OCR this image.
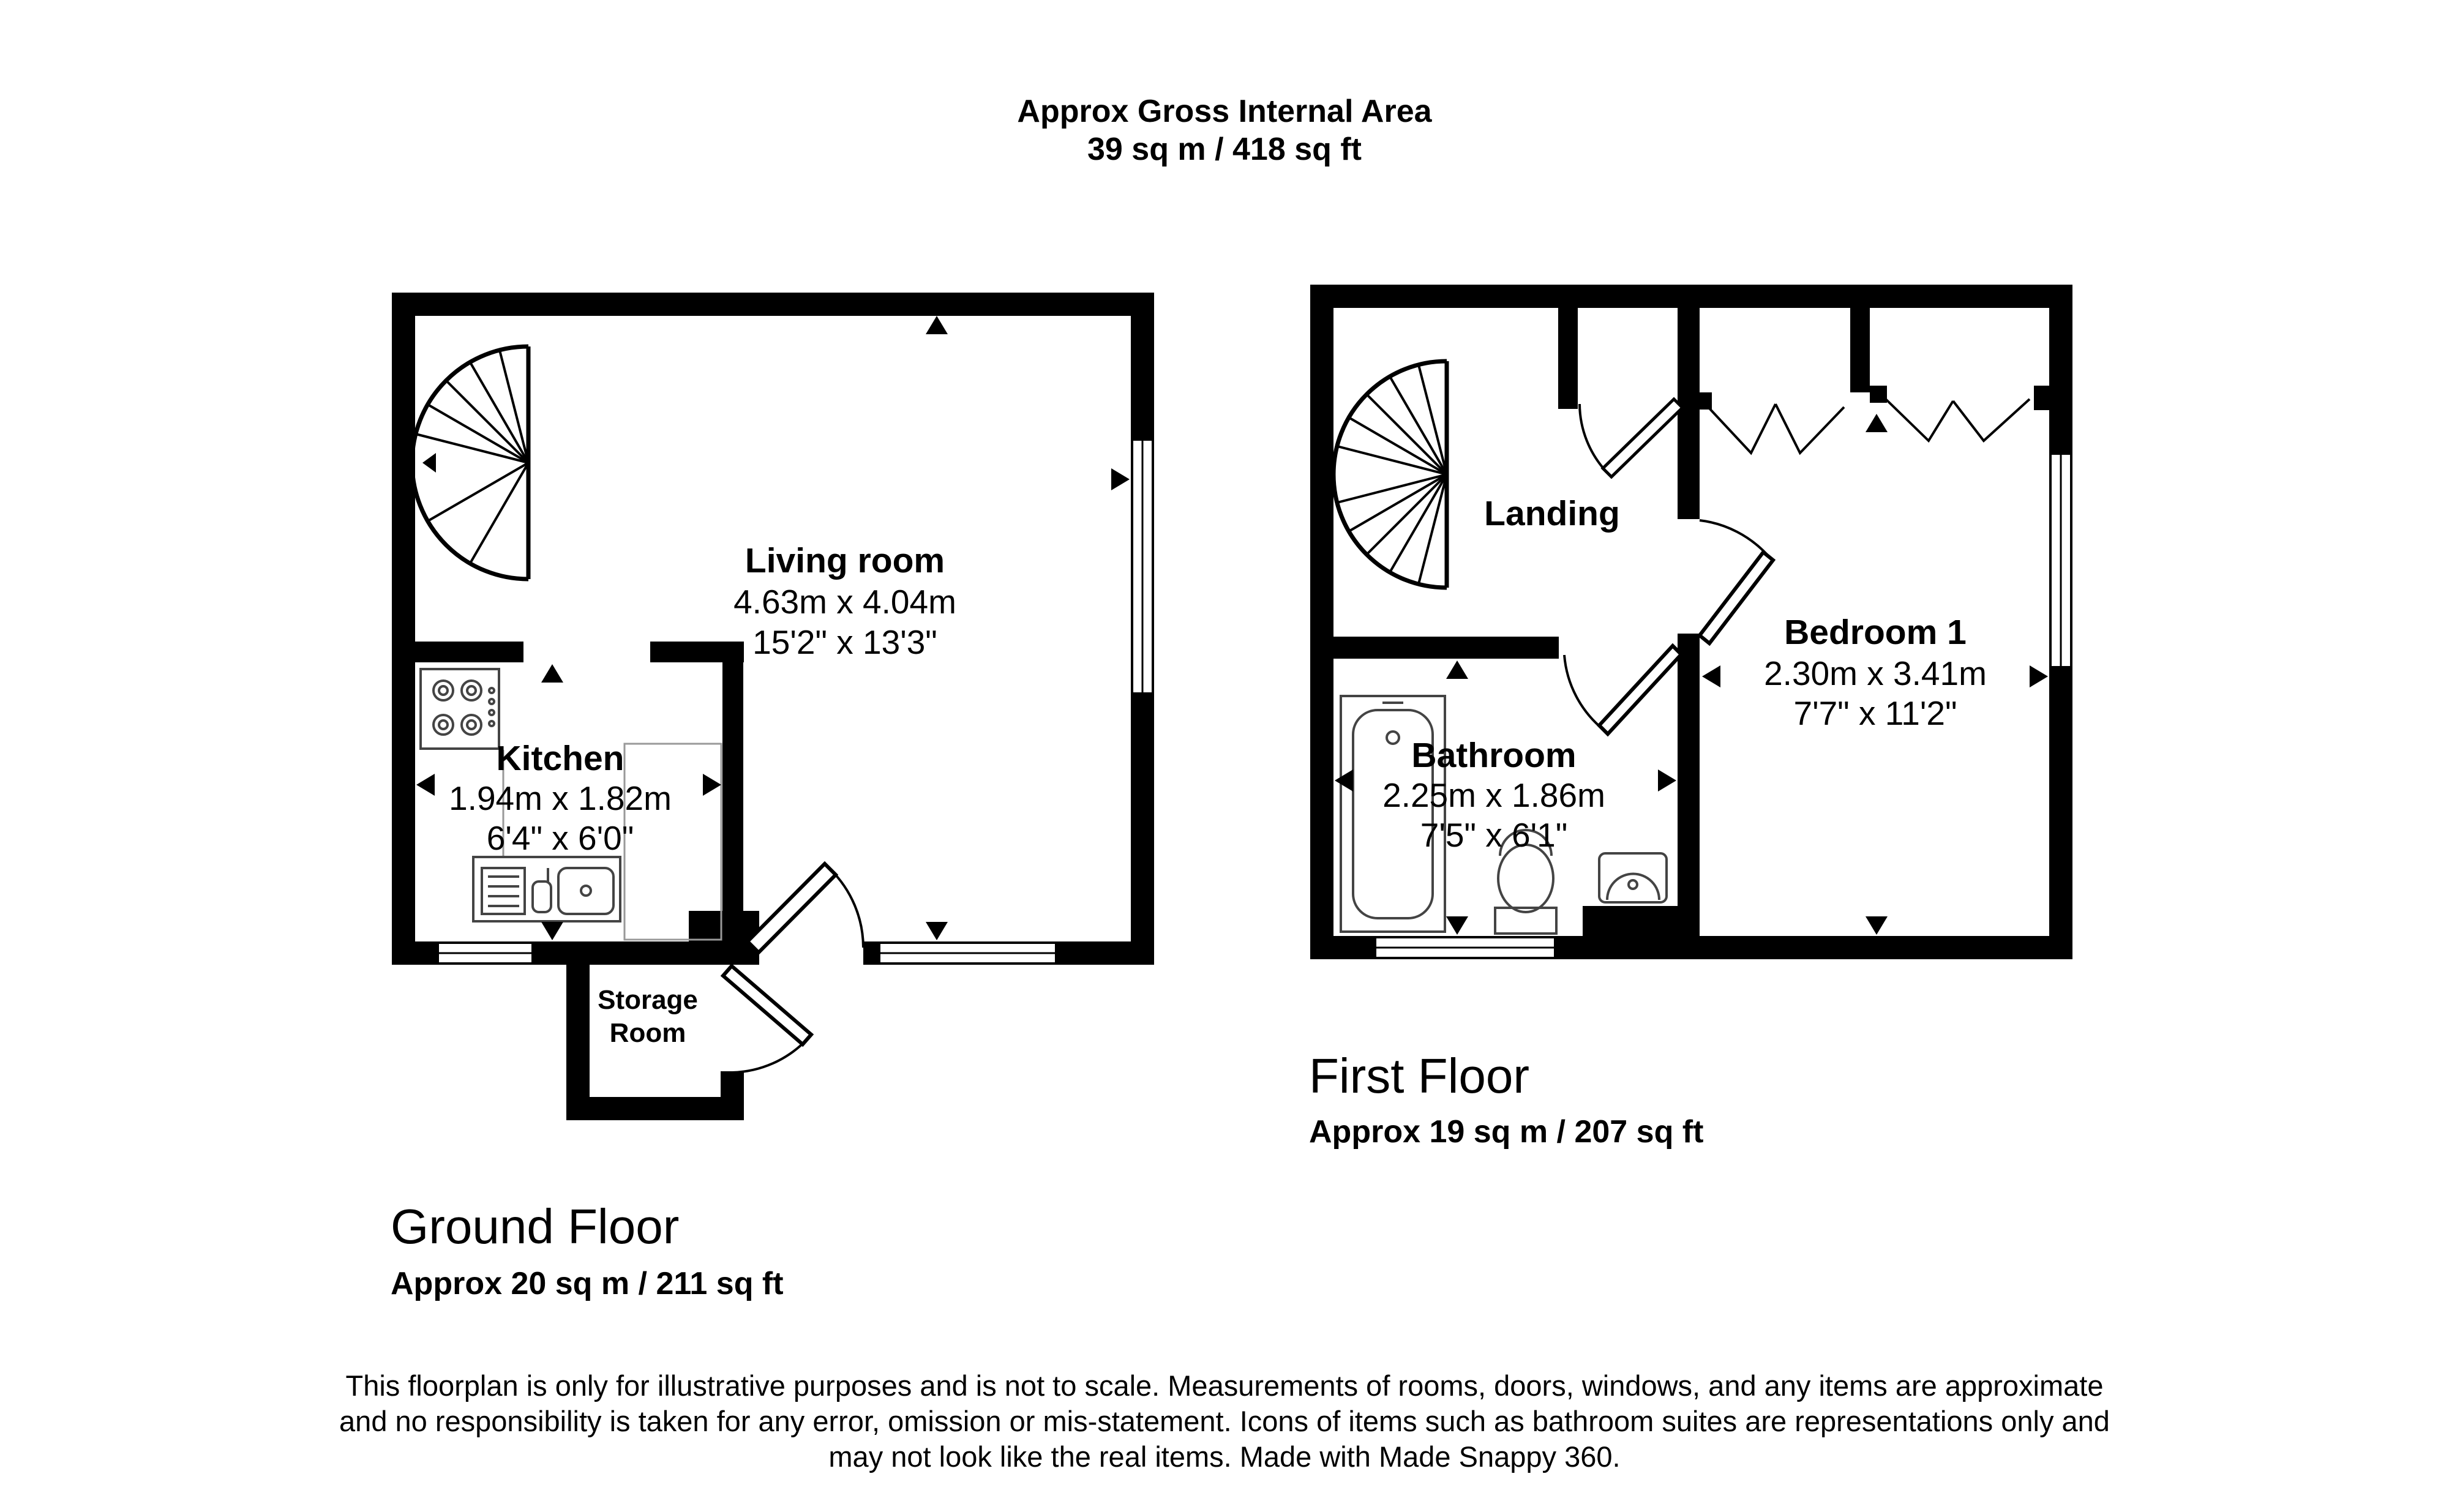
Approx Gross Internal Area
39 sq m / 418 sq ft
Living room
4.63m x 4.04m
15'2" x 13'3"
Kitchen
1.94m x 1.82m
6'4" x 6'0"
Storage
Room
Landing
Bedroom 1
2.30m x 3.41m
7'7" x 11'2"
Bathroom
2.25m x 1.86m
7'5" x 6'1"
First Floor
Approx 19 sq m / 207 sq ft
Ground Floor
Approx 20 sq m / 211 sq ft
This floorplan is only for illustrative purposes and is not to scale. Measurements of rooms, doors, windows, and any items are approximate
and no responsibility is taken for any error, omission or mis-statement. Icons of items such as bathroom suites are representations only and
may not look like the real items. Made with Made Snappy 360.
